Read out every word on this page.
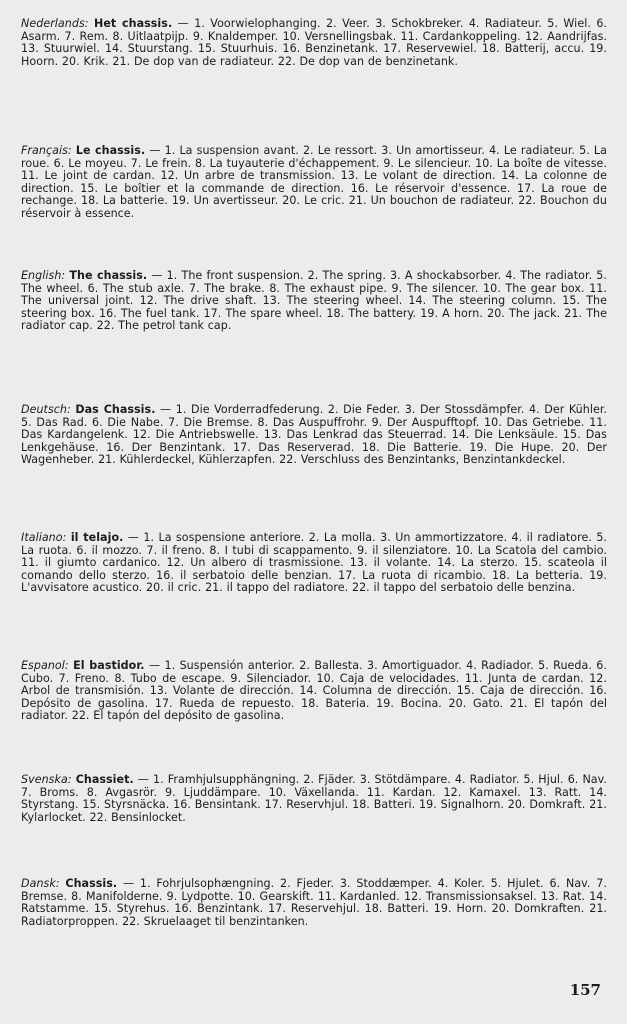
Nederlands: Het chassis. — 1. Voorwielophanging. 2. Veer. 3. Schokbreker. 4. Radiateur. 5. Wiel. 6. Asarm. 7. Rem. 8. Uitlaatpijp. 9. Knaldemper. 10. Versnellingsbak. 11. Cardankoppeling. 12. Aandrijfas. 13. Stuurwiel. 14. Stuurstang. 15. Stuurhuis. 16. Benzinetank. 17. Reservewiel. 18. Batterij, accu. 19. Hoorn. 20. Krik. 21. De dop van de radiateur. 22. De dop van de benzinetank.

Français: Le chassis. — 1. La suspension avant. 2. Le ressort. 3. Un amortisseur. 4. Le radiateur. 5. La roue. 6. Le moyeu. 7. Le frein. 8. La tuyauterie d'échappement. 9. Le silencieur. 10. La boîte de vitesse. 11. Le joint de cardan. 12. Un arbre de transmission. 13. Le volant de direction. 14. La colonne de direction. 15. Le boîtier et la commande de direction. 16. Le réservoir d'essence. 17. La roue de rechange. 18. La batterie. 19. Un avertisseur. 20. Le cric. 21. Un bouchon de radiateur. 22. Bouchon du réservoir à essence.

English: The chassis. — 1. The front suspension. 2. The spring. 3. A shockabsorber. 4. The radiator. 5. The wheel. 6. The stub axle. 7. The brake. 8. The exhaust pipe. 9. The silencer. 10. The gear box. 11. The universal joint. 12. The drive shaft. 13. The steering wheel. 14. The steering column. 15. The steering box. 16. The fuel tank. 17. The spare wheel. 18. The battery. 19. A horn. 20. The jack. 21. The radiator cap. 22. The petrol tank cap.

Deutsch: Das Chassis. — 1. Die Vorderradfederung. 2. Die Feder. 3. Der Stossdämpfer. 4. Der Kühler. 5. Das Rad. 6. Die Nabe. 7. Die Bremse. 8. Das Auspuffrohr. 9. Der Auspufftopf. 10. Das Getriebe. 11. Das Kardangelenk. 12. Die Antriebswelle. 13. Das Lenkrad das Steuerrad. 14. Die Lenksäule. 15. Das Lenkgehäuse. 16. Der Benzintank. 17. Das Reserverad. 18. Die Batterie. 19. Die Hupe. 20. Der Wagenheber. 21. Kühlerdeckel, Kühlerzapfen. 22. Verschluss des Benzintanks, Benzintankdeckel.

Italiano: il telajo. — 1. La sospensione anteriore. 2. La molla. 3. Un ammortizzatore. 4. il radiatore. 5. La ruota. 6. il mozzo. 7. il freno. 8. I tubi di scappamento. 9. il silenziatore. 10. La Scatola del cambio. 11. il giumto cardanico. 12. Un albero di trasmissione. 13. il volante. 14. La sterzo. 15. scateola il comando dello sterzo. 16. il serbatoio delle benzian. 17. La ruota di ricambio. 18. La betteria. 19. L'avvisatore acustico. 20. il cric. 21. il tappo del radiatore. 22. il tappo del serbatoio delle benzina.

Espanol: El bastidor. — 1. Suspensión anterior. 2. Ballesta. 3. Amortiguador. 4. Radiador. 5. Rueda. 6. Cubo. 7. Freno. 8. Tubo de escape. 9. Silenciador. 10. Caja de velocidades. 11. Junta de cardan. 12. Arbol de transmisión. 13. Volante de dirección. 14. Columna de dirección. 15. Caja de dirección. 16. Depósito de gasolina. 17. Rueda de repuesto. 18. Bateria. 19. Bocina. 20. Gato. 21. El tapón del radiator. 22. El tapón del depósito de gasolina.

Svenska: Chassiet. — 1. Framhjulsupphängning. 2. Fjäder. 3. Stötdämpare. 4. Radiator. 5. Hjul. 6. Nav. 7. Broms. 8. Avgasrör. 9. Ljuddämpare. 10. Växellanda. 11. Kardan. 12. Kamaxel. 13. Ratt. 14. Styrstang. 15. Styrsnäcka. 16. Bensintank. 17. Reservhjul. 18. Batteri. 19. Signalhorn. 20. Domkraft. 21. Kylarlocket. 22. Bensinlocket.

Dansk: Chassis. — 1. Fohrjulsophængning. 2. Fjeder. 3. Stoddæmper. 4. Koler. 5. Hjulet. 6. Nav. 7. Bremse. 8. Manifolderne. 9. Lydpotte. 10. Gearskift. 11. Kardanled. 12. Transmissionsaksel. 13. Rat. 14. Ratstamme. 15. Styrehus. 16. Benzintank. 17. Reservehjul. 18. Batteri. 19. Horn. 20. Domkraften. 21. Radiatorproppen. 22. Skruelaaget til benzintanken.

157
